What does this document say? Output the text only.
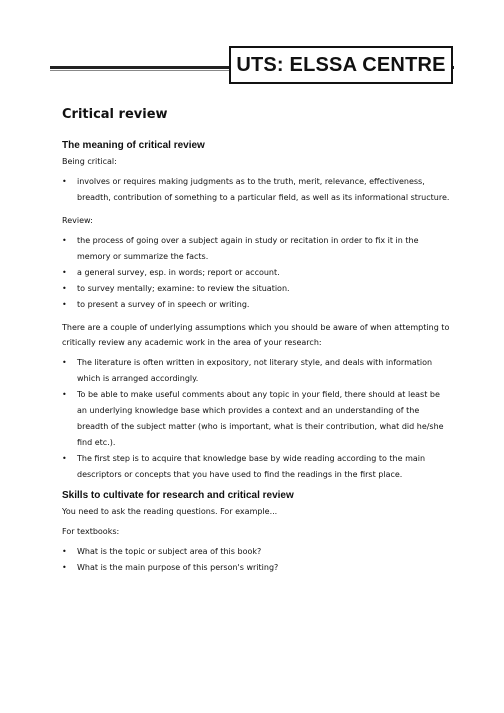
UTS: ELSSA CENTRE
Critical review
The meaning of critical review

Being critical:

• involves or requires making judgments as to the truth, merit, relevance, effectiveness, breadth, contribution of something to a particular field, as well as its informational structure.

Review:

• the process of going over a subject again in study or recitation in order to fix it in the memory or summarize the facts.
• a general survey, esp. in words; report or account.
• to survey mentally; examine: to review the situation.
• to present a survey of in speech or writing.

There are a couple of underlying assumptions which you should be aware of when attempting to critically review any academic work in the area of your research:

• The literature is often written in expository, not literary style, and deals with information which is arranged accordingly.
• To be able to make useful comments about any topic in your field, there should at least be an underlying knowledge base which provides a context and an understanding of the breadth of the subject matter (who is important, what is their contribution, what did he/she find etc.).
• The first step is to acquire that knowledge base by wide reading according to the main descriptors or concepts that you have used to find the readings in the first place.
Skills to cultivate for research and critical review

You need to ask the reading questions. For example...

For textbooks:

• What is the topic or subject area of this book?
• What is the main purpose of this person's writing?
